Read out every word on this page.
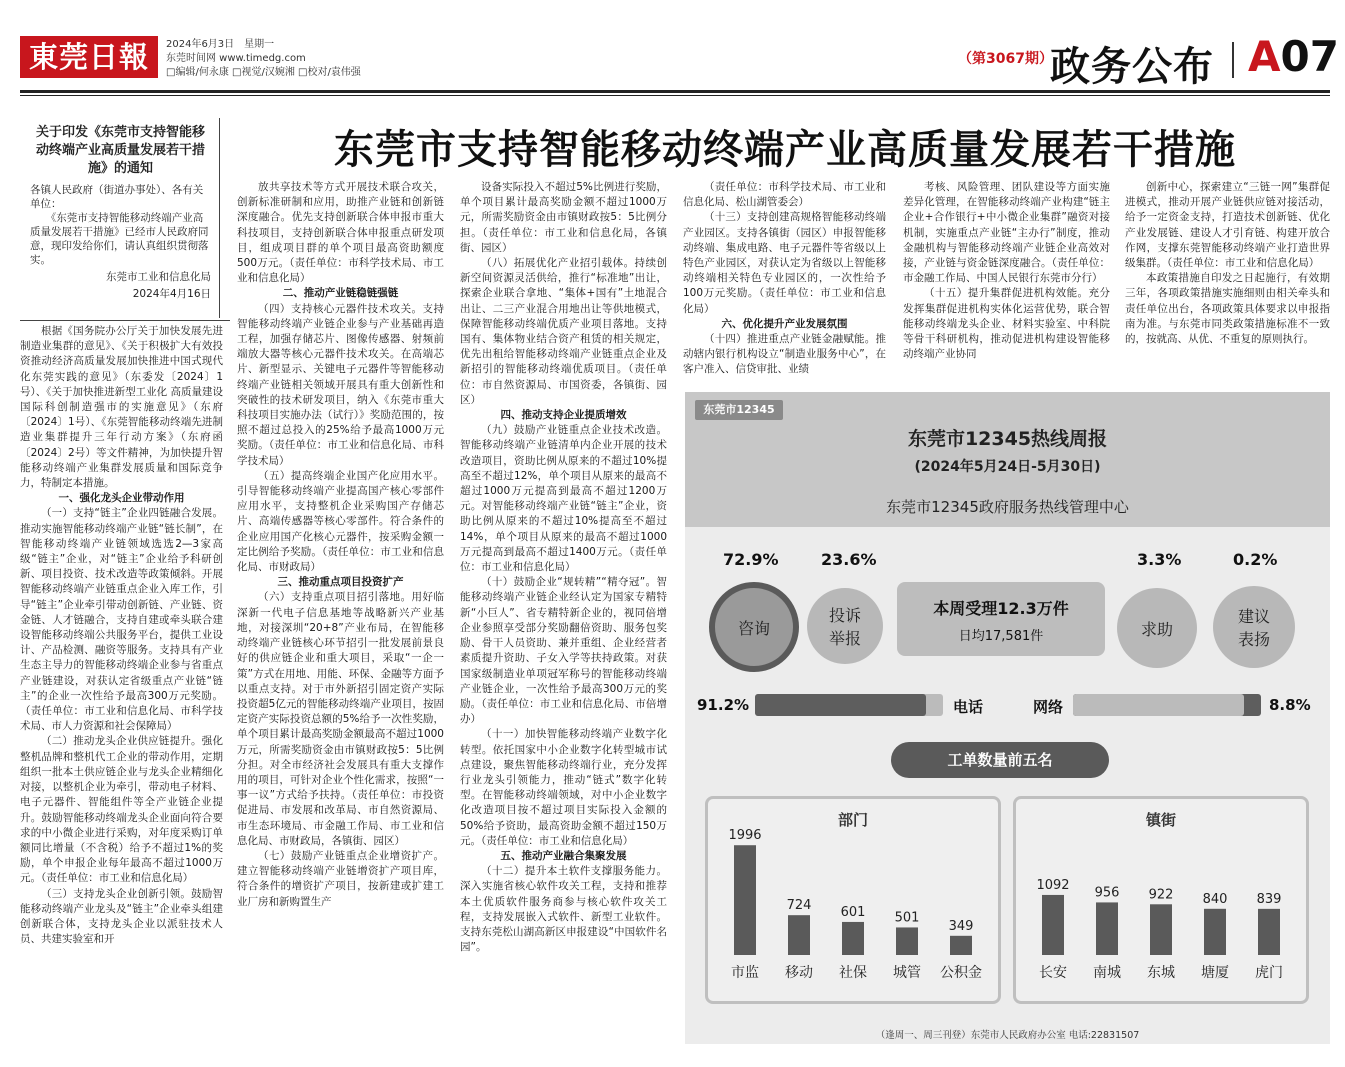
東莞日報	2024年6月3日　星期一
东莞时间网 www.timedg.com
□编辑/何永康 □视觉/汉婉湘 □校对/袁伟强
（第3067期）
政务公布 A07
关于印发《东莞市支持智能移动终端产业高质量发展若干措施》的通知
各镇人民政府（街道办事处）、各有关单位：
　　《东莞市支持智能移动终端产业高质量发展若干措施》已经市人民政府同意，现印发给你们，请认真组织贯彻落实。
东莞市工业和信息化局
2024年4月16日
东莞市支持智能移动终端产业高质量发展若干措施

根据《国务院办公厅关于加快发展先进制造业集群的意见》、《关于积极扩大有效投资推动经济高质量发展加快推进中国式现代化东莞实践的意见》（东委发〔2024〕1号）、《关于加快推进新型工业化 高质量建设国际科创制造强市的实施意见》（东府〔2024〕1号）、《东莞智能移动终端先进制造业集群提升三年行动方案》（东府函〔2024〕2号）等文件精神，为加快提升智能移动终端产业集群发展质量和国际竞争力，特制定本措施。

一、强化龙头企业带动作用

（一）支持“链主”企业四链融合发展。推动实施智能移动终端产业链“链长制”，在智能移动终端产业链领域选选2—3家高级“链主”企业，对“链主”企业给予科研创新、项目投资、技术改造等政策倾斜。开展智能移动终端产业链重点企业入库工作，引导“链主”企业牵引带动创新链、产业链、资金链、人才链融合，支持自建或牵头联合建设智能移动终端公共服务平台，提供工业设计、产品检测、融资等服务。支持具有产业生态主导力的智能移动终端企业参与省重点产业链建设，对获认定省级重点产业链“链主”的企业一次性给予最高300万元奖励。（责任单位：市工业和信息化局、市科学技术局、市人力资源和社会保障局）

（二）推动龙头企业供应链提升。强化整机品牌和整机代工企业的带动作用，定期组织一批本土供应链企业与龙头企业精细化对接，以整机企业为牵引，带动电子材料、电子元器件、智能组件等全产业链企业提升。鼓励智能移动终端龙头企业面向符合要求的中小微企业进行采购，对年度采购订单额同比增量（不含税）给予不超过1%的奖励，单个申报企业每年最高不超过1000万元。（责任单位：市工业和信息化局）

（三）支持龙头企业创新引领。鼓励智能移动终端产业龙头及“链主”企业牵头组建创新联合体，支持龙头企业以派驻技术人员、共建实验室和开

放共享技术等方式开展技术联合攻关，创新标准研制和应用，助推产业链和创新链深度融合。优先支持创新联合体申报市重大科技项目，支持创新联合体申报重点研发项目，组成项目群的单个项目最高资助额度500万元。（责任单位：市科学技术局、市工业和信息化局）

二、推动产业链稳链强链

（四）支持核心元器件技术攻关。支持智能移动终端产业链企业参与产业基础再造工程，加强存储芯片、图像传感器、射频前端放大器等核心元器件技术攻关。在高端芯片、新型显示、关键电子元器件等智能移动终端产业链相关领域开展具有重大创新性和突破性的技术研发项目，纳入《东莞市重大科技项目实施办法（试行）》奖励范围的，按照不超过总投入的25%给予最高1000万元奖励。（责任单位：市工业和信息化局、市科学技术局）

（五）提高终端企业国产化应用水平。引导智能移动终端产业提高国产核心零部件应用水平，支持整机企业采购国产存储芯片、高端传感器等核心零部件。符合条件的企业应用国产化核心元器件，按采购金额一定比例给予奖励。（责任单位：市工业和信息化局、市财政局）

三、推动重点项目投资扩产

（六）支持重点项目招引落地。用好临深新一代电子信息基地等战略新兴产业基地，对接深圳“20+8”产业布局，在智能移动终端产业链核心环节招引一批发展前景良好的供应链企业和重大项目，采取“一企一策”方式在用地、用能、环保、金融等方面予以重点支持。对于市外新招引固定资产实际投资超5亿元的智能移动终端产业项目，按固定资产实际投资总额的5%给予一次性奖励，单个项目累计最高奖励金额最高不超过1000万元，所需奖励资金由市镇财政按5：5比例分担。对全市经济社会发展具有重大支撑作用的项目，可针对企业个性化需求，按照“一事一议”方式给予扶持。（责任单位：市投资促进局、市发展和改革局、市自然资源局、市生态环境局、市金融工作局、市工业和信息化局、市财政局，各镇街、园区）

（七）鼓励产业链重点企业增资扩产。建立智能移动终端产业链增资扩产项目库，符合条件的增资扩产项目，按新建或扩建工业厂房和新购置生产

设备实际投入不超过5%比例进行奖励，单个项目累计最高奖励金额不超过1000万元，所需奖励资金由市镇财政按5：5比例分担。（责任单位：市工业和信息化局，各镇街、园区）

（八）拓展优化产业招引载体。持续创新空间资源灵活供给，推行“标准地”出让，探索企业联合拿地、“集体+国有”土地混合出让、二三产业混合用地出让等供地模式，保障智能移动终端优质产业项目落地。支持国有、集体物业结合资产租赁的相关规定，优先出租给智能移动终端产业链重点企业及新招引的智能移动终端优质项目。（责任单位：市自然资源局、市国资委，各镇街、园区）

四、推动支持企业提质增效

（九）鼓励产业链重点企业技术改造。智能移动终端产业链清单内企业开展的技术改造项目，资助比例从原来的不超过10%提高至不超过12%，单个项目从原来的最高不超过1000万元提高到最高不超过1200万元。对智能移动终端产业链“链主”企业，资助比例从原来的不超过10%提高至不超过14%，单个项目从原来的最高不超过1000万元提高到最高不超过1400万元。（责任单位：市工业和信息化局）

（十）鼓励企业“规转精”“精夺冠”。智能移动终端产业链企业经认定为国家专精特新“小巨人”、省专精特新企业的，视同倍增企业参照享受部分奖励翻倍资助、服务包奖励、骨干人员资助、兼并重组、企业经营者素质提升资助、子女入学等扶持政策。对获国家级制造业单项冠军称号的智能移动终端产业链企业，一次性给予最高300万元的奖励。（责任单位：市工业和信息化局、市倍增办）

（十一）加快智能移动终端产业数字化转型。依托国家中小企业数字化转型城市试点建设，聚焦智能移动终端行业，充分发挥行业龙头引领能力，推动“链式”数字化转型。在智能移动终端领域，对中小企业数字化改造项目按不超过项目实际投入金额的50%给予资助，最高资助金额不超过150万元。（责任单位：市工业和信息化局）

五、推动产业融合集聚发展

（十二）提升本土软件支撑服务能力。深入实施省核心软件攻关工程，支持和推荐本土优质软件服务商参与核心软件攻关工程，支持发展嵌入式软件、新型工业软件。支持东莞松山湖高新区申报建设“中国软件名园”。

（责任单位：市科学技术局、市工业和信息化局、松山湖管委会）

（十三）支持创建高规格智能移动终端产业园区。支持各镇街（园区）申报智能移动终端、集成电路、电子元器件等省级以上特色产业园区，对获认定为省级以上智能移动终端相关特色专业园区的，一次性给予100万元奖励。（责任单位：市工业和信息化局）

六、优化提升产业发展氛围

（十四）推进重点产业链金融赋能。推动辖内银行机构设立“制造业服务中心”，在客户准入、信贷审批、业绩

考核、风险管理、团队建设等方面实施差异化管理，在智能移动终端产业构建“链主企业+合作银行+中小微企业集群”融资对接机制，实施重点产业链“主办行”制度，推动金融机构与智能移动终端产业链企业高效对接，产业链与资金链深度融合。（责任单位：市金融工作局、中国人民银行东莞市分行）

（十五）提升集群促进机构效能。充分发挥集群促进机构实体化运营优势，联合智能移动终端龙头企业、材料实验室、中科院等骨干科研机构，推动促进机构建设智能移动终端产业协同

创新中心，探索建立“三链一网”集群促进模式，推动开展产业链供应链对接活动，给予一定资金支持，打造技术创新链、优化产业发展链、建设人才引育链、构建开放合作网，支撑东莞智能移动终端产业打造世界级集群。（责任单位：市工业和信息化局）

本政策措施自印发之日起施行，有效期三年，各项政策措施实施细则由相关牵头和责任单位出台，各项政策具体要求以申报指南为准。与东莞市同类政策措施标准不一致的，按就高、从优、不重复的原则执行。

东莞市12345
东莞市12345热线周报
(2024年5月24日-5月30日)
东莞市12345政府服务热线管理中心
72.9%	23.6%	3.3%	0.2%
咨询
投诉
举报
本周受理12.3万件
日均17,581件	求助
建议
表扬
91.2%	电话	网络	8.8%
工单数量前五名
部门
1996
市监
724
移动
601
社保
501
城管
349
公积金
镇街
1092
长安
956
南城
922
东城
840
塘厦
839
虎门
（逢周一、周三刊登）东莞市人民政府办公室 电话:22831507
